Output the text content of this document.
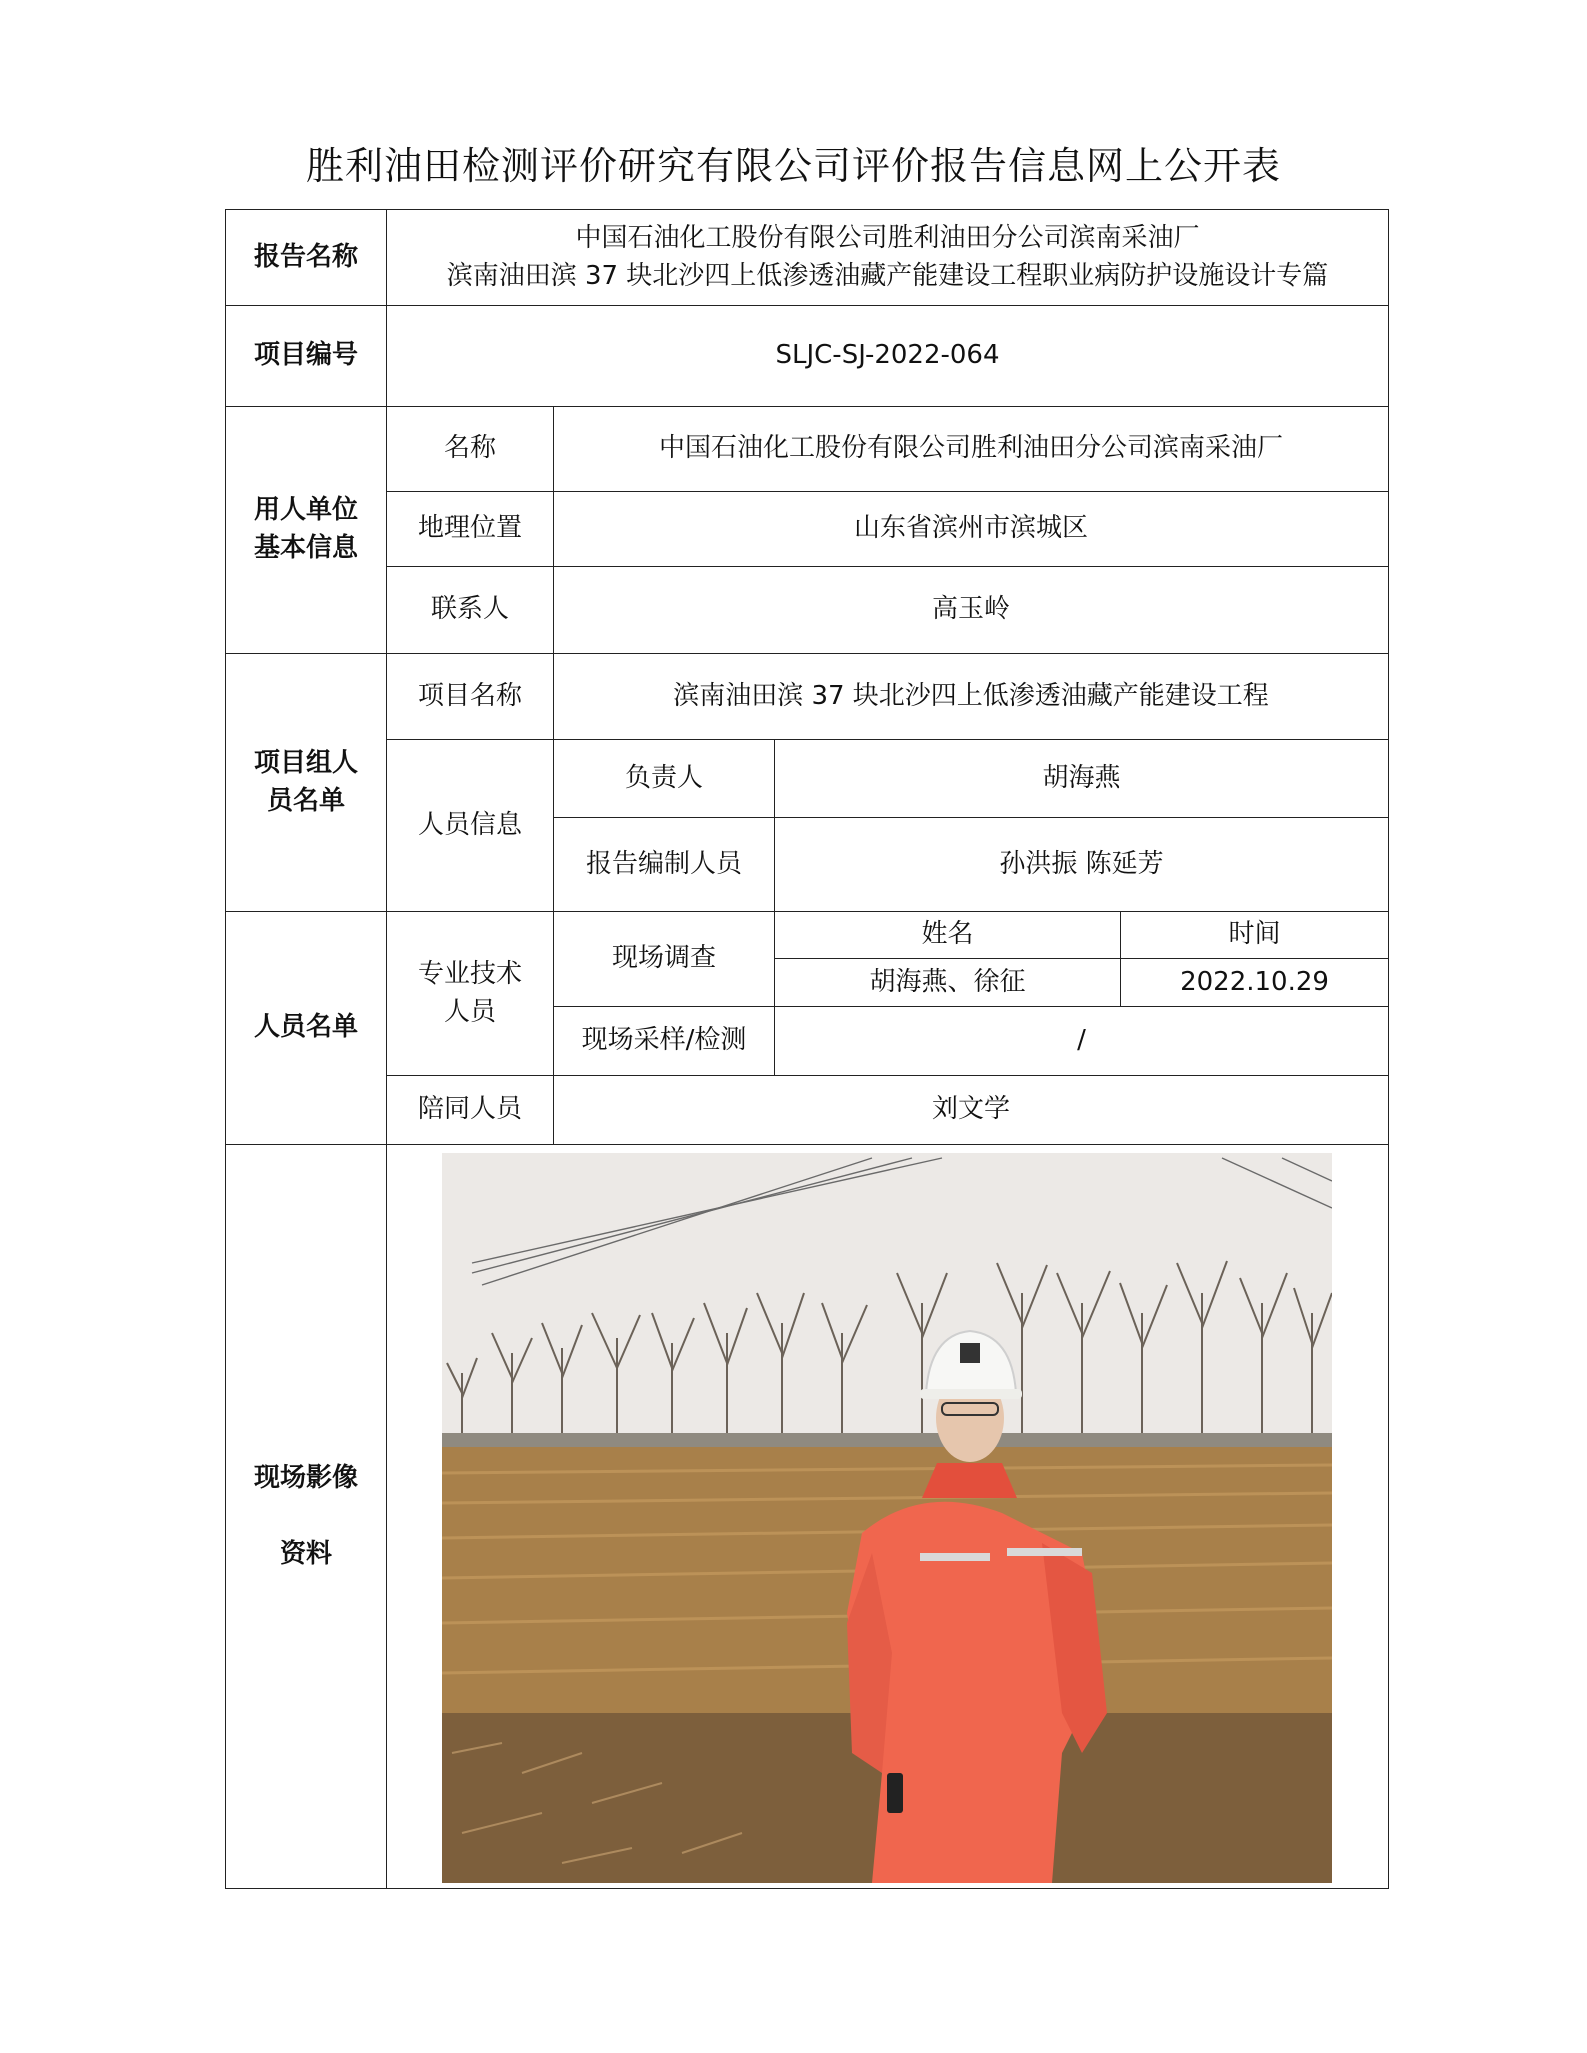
胜利油田检测评价研究有限公司评价报告信息网上公开表
报告名称	中国石油化工股份有限公司胜利油田分公司滨南采油厂
滨南油田滨 37 块北沙四上低渗透油藏产能建设工程职业病防护设施设计专篇			

项目编号	SLJC-SJ-2022-064			

用人单位
基本信息	名称	中国石油化工股份有限公司胜利油田分公司滨南采油厂		
	地理位置	山东省滨州市滨城区		
	联系人	高玉岭		

项目组人
员名单	项目名称	滨南油田滨 37 块北沙四上低渗透油藏产能建设工程		
	人员信息	负责人	胡海燕	
		报告编制人员	孙洪振 陈延芳	
人员名单	专业技术
人员	现场调查	姓名	时间
			胡海燕、徐征	2022.10.29
		现场采样/检测	/	
	陪同人员	刘文学		

现场影像
资料
